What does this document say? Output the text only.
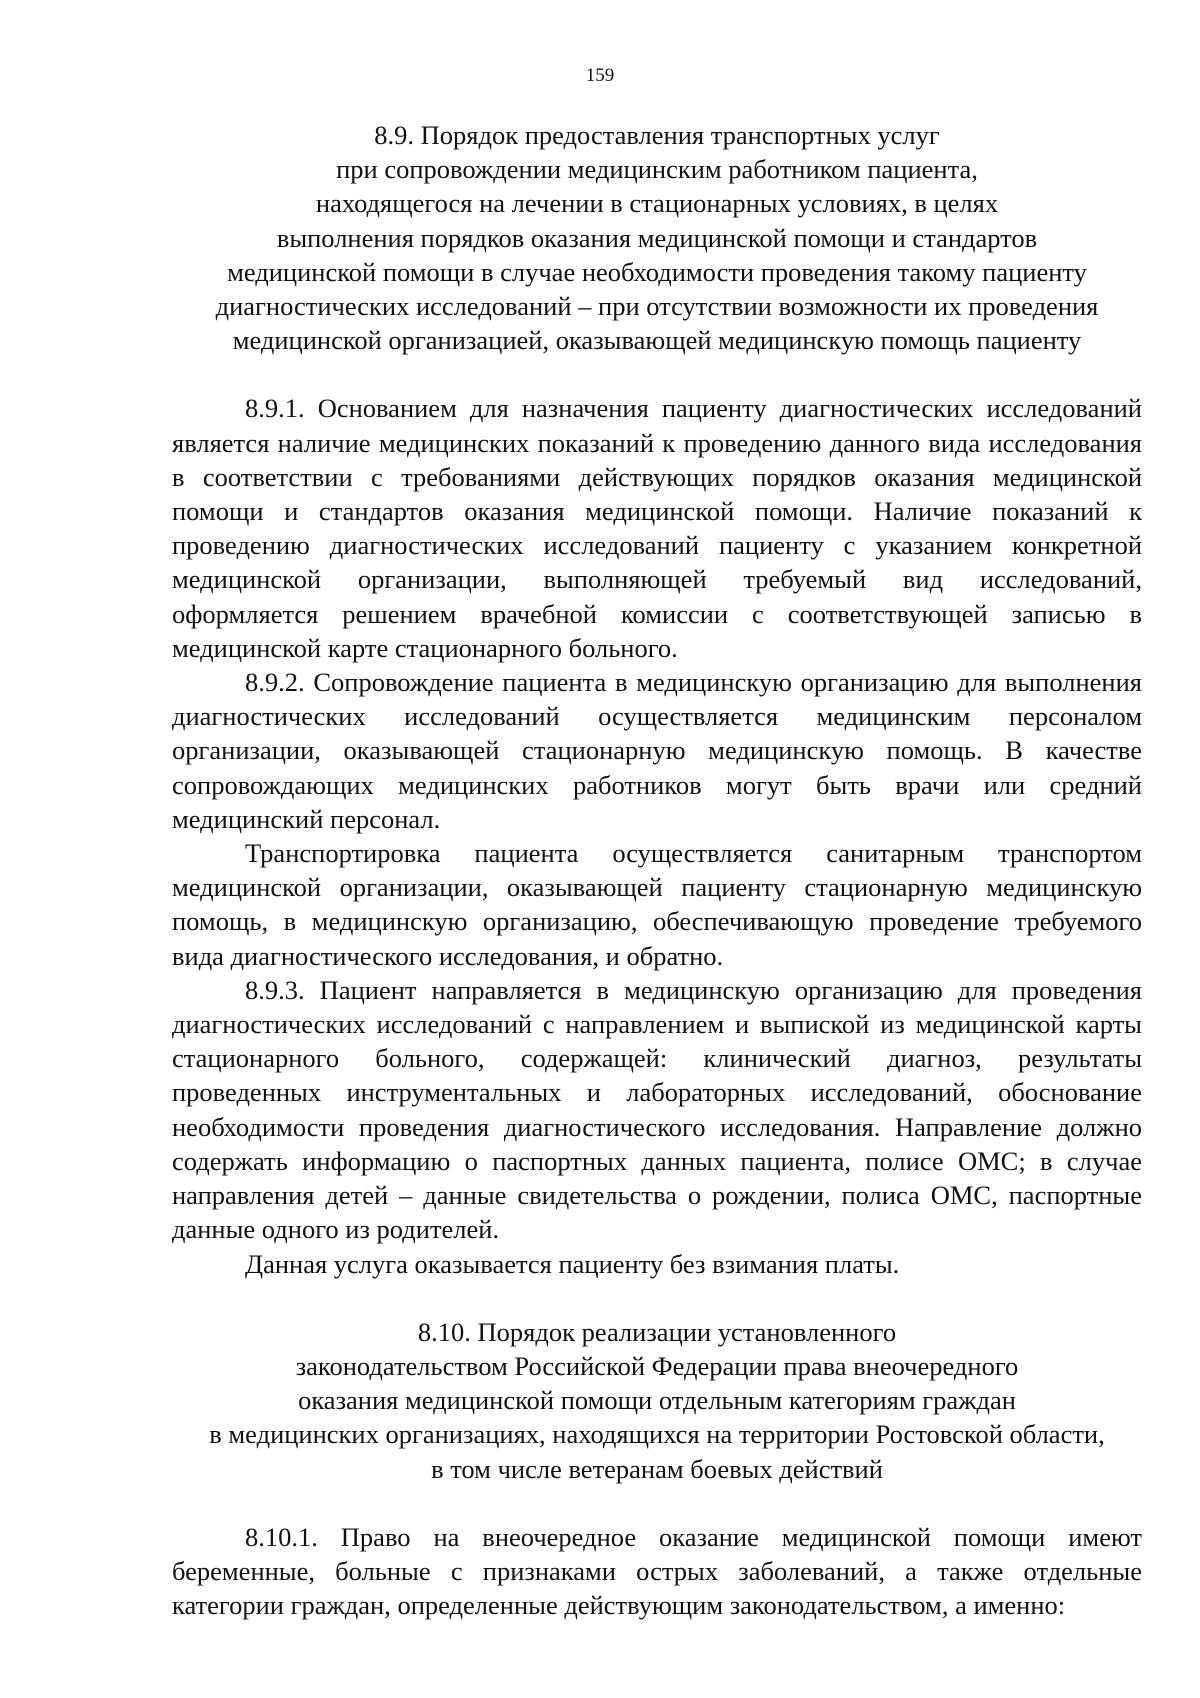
159
8.9. Порядок предоставления транспортных услуг
при сопровождении медицинским работником пациента,
находящегося на лечении в стационарных условиях, в целях
выполнения порядков оказания медицинской помощи и стандартов
медицинской помощи в случае необходимости проведения такому пациенту
диагностических исследований – при отсутствии возможности их проведения
медицинской организацией, оказывающей медицинскую помощь пациенту

8.9.1. Основанием для назначения пациенту диагностических исследований является наличие медицинских показаний к проведению данного вида исследования в соответствии с требованиями действующих порядков оказания медицинской помощи и стандартов оказания медицинской помощи. Наличие показаний к проведению диагностических исследований пациенту с указанием конкретной медицинской организации, выполняющей требуемый вид исследований, оформляется решением врачебной комиссии с соответствующей записью в медицинской карте стационарного больного.

8.9.2. Сопровождение пациента в медицинскую организацию для выполнения диагностических исследований осуществляется медицинским персоналом организации, оказывающей стационарную медицинскую помощь. В качестве сопровождающих медицинских работников могут быть врачи или средний медицинский персонал.

Транспортировка пациента осуществляется санитарным транспортом медицинской организации, оказывающей пациенту стационарную медицинскую помощь, в медицинскую организацию, обеспечивающую проведение требуемого вида диагностического исследования, и обратно.

8.9.3. Пациент направляется в медицинскую организацию для проведения диагностических исследований с направлением и выпиской из медицинской карты стационарного больного, содержащей: клинический диагноз, результаты проведенных инструментальных и лабораторных исследований, обоснование необходимости проведения диагностического исследования. Направление должно содержать информацию о паспортных данных пациента, полисе ОМС; в случае направления детей – данные свидетельства о рождении, полиса ОМС, паспортные данные одного из родителей.

Данная услуга оказывается пациенту без взимания платы.

8.10. Порядок реализации установленного
законодательством Российской Федерации права внеочередного
оказания медицинской помощи отдельным категориям граждан
в медицинских организациях, находящихся на территории Ростовской области,
в том числе ветеранам боевых действий

8.10.1. Право на внеочередное оказание медицинской помощи имеют беременные, больные с признаками острых заболеваний, а также отдельные категории граждан, определенные действующим законодательством, а именно:
